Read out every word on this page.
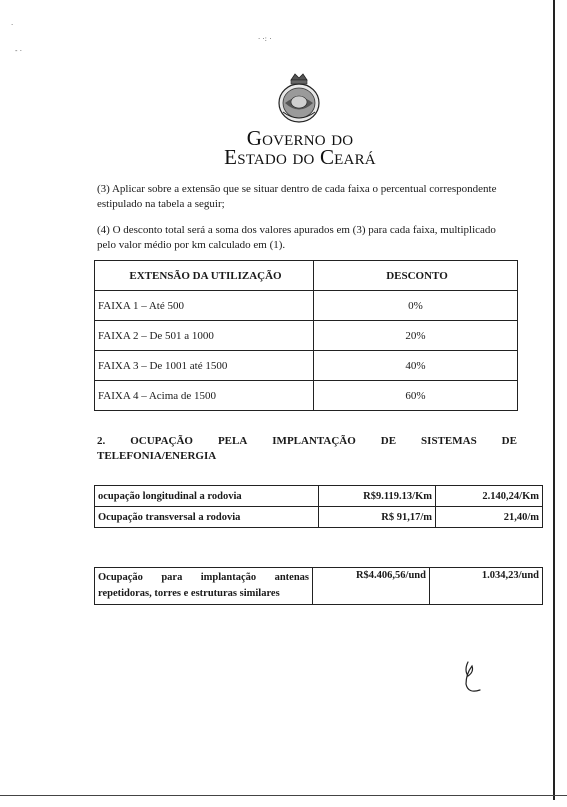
·
- ·
· ·: ·
Governo do
Estado do Ceará
(3) Aplicar sobre a extensão que se situar dentro de cada faixa o percentual correspondente estipulado na tabela a seguir;
(4) O desconto total será a soma dos valores apurados em (3) para cada faixa, multiplicado pelo valor médio por km calculado em (1).
EXTENSÃO DA UTILIZAÇÃO	DESCONTO
FAIXA 1 – Até 500	0%
FAIXA 2 – De 501 a 1000	20%
FAIXA 3 – De 1001 até 1500	40%
FAIXA 4 – Acima de 1500	60%
2. OCUPAÇÃO PELA IMPLANTAÇÃO DE SISTEMAS DE
TELEFONIA/ENERGIA
ocupação longitudinal a rodovia	R$9.119.13/Km	2.140,24/Km
Ocupação transversal a rodovia	R$ 91,17/m	21,40/m
Ocupação para implantação antenas repetidoras, torres e estruturas similares	R$4.406,56/und	1.034,23/und
